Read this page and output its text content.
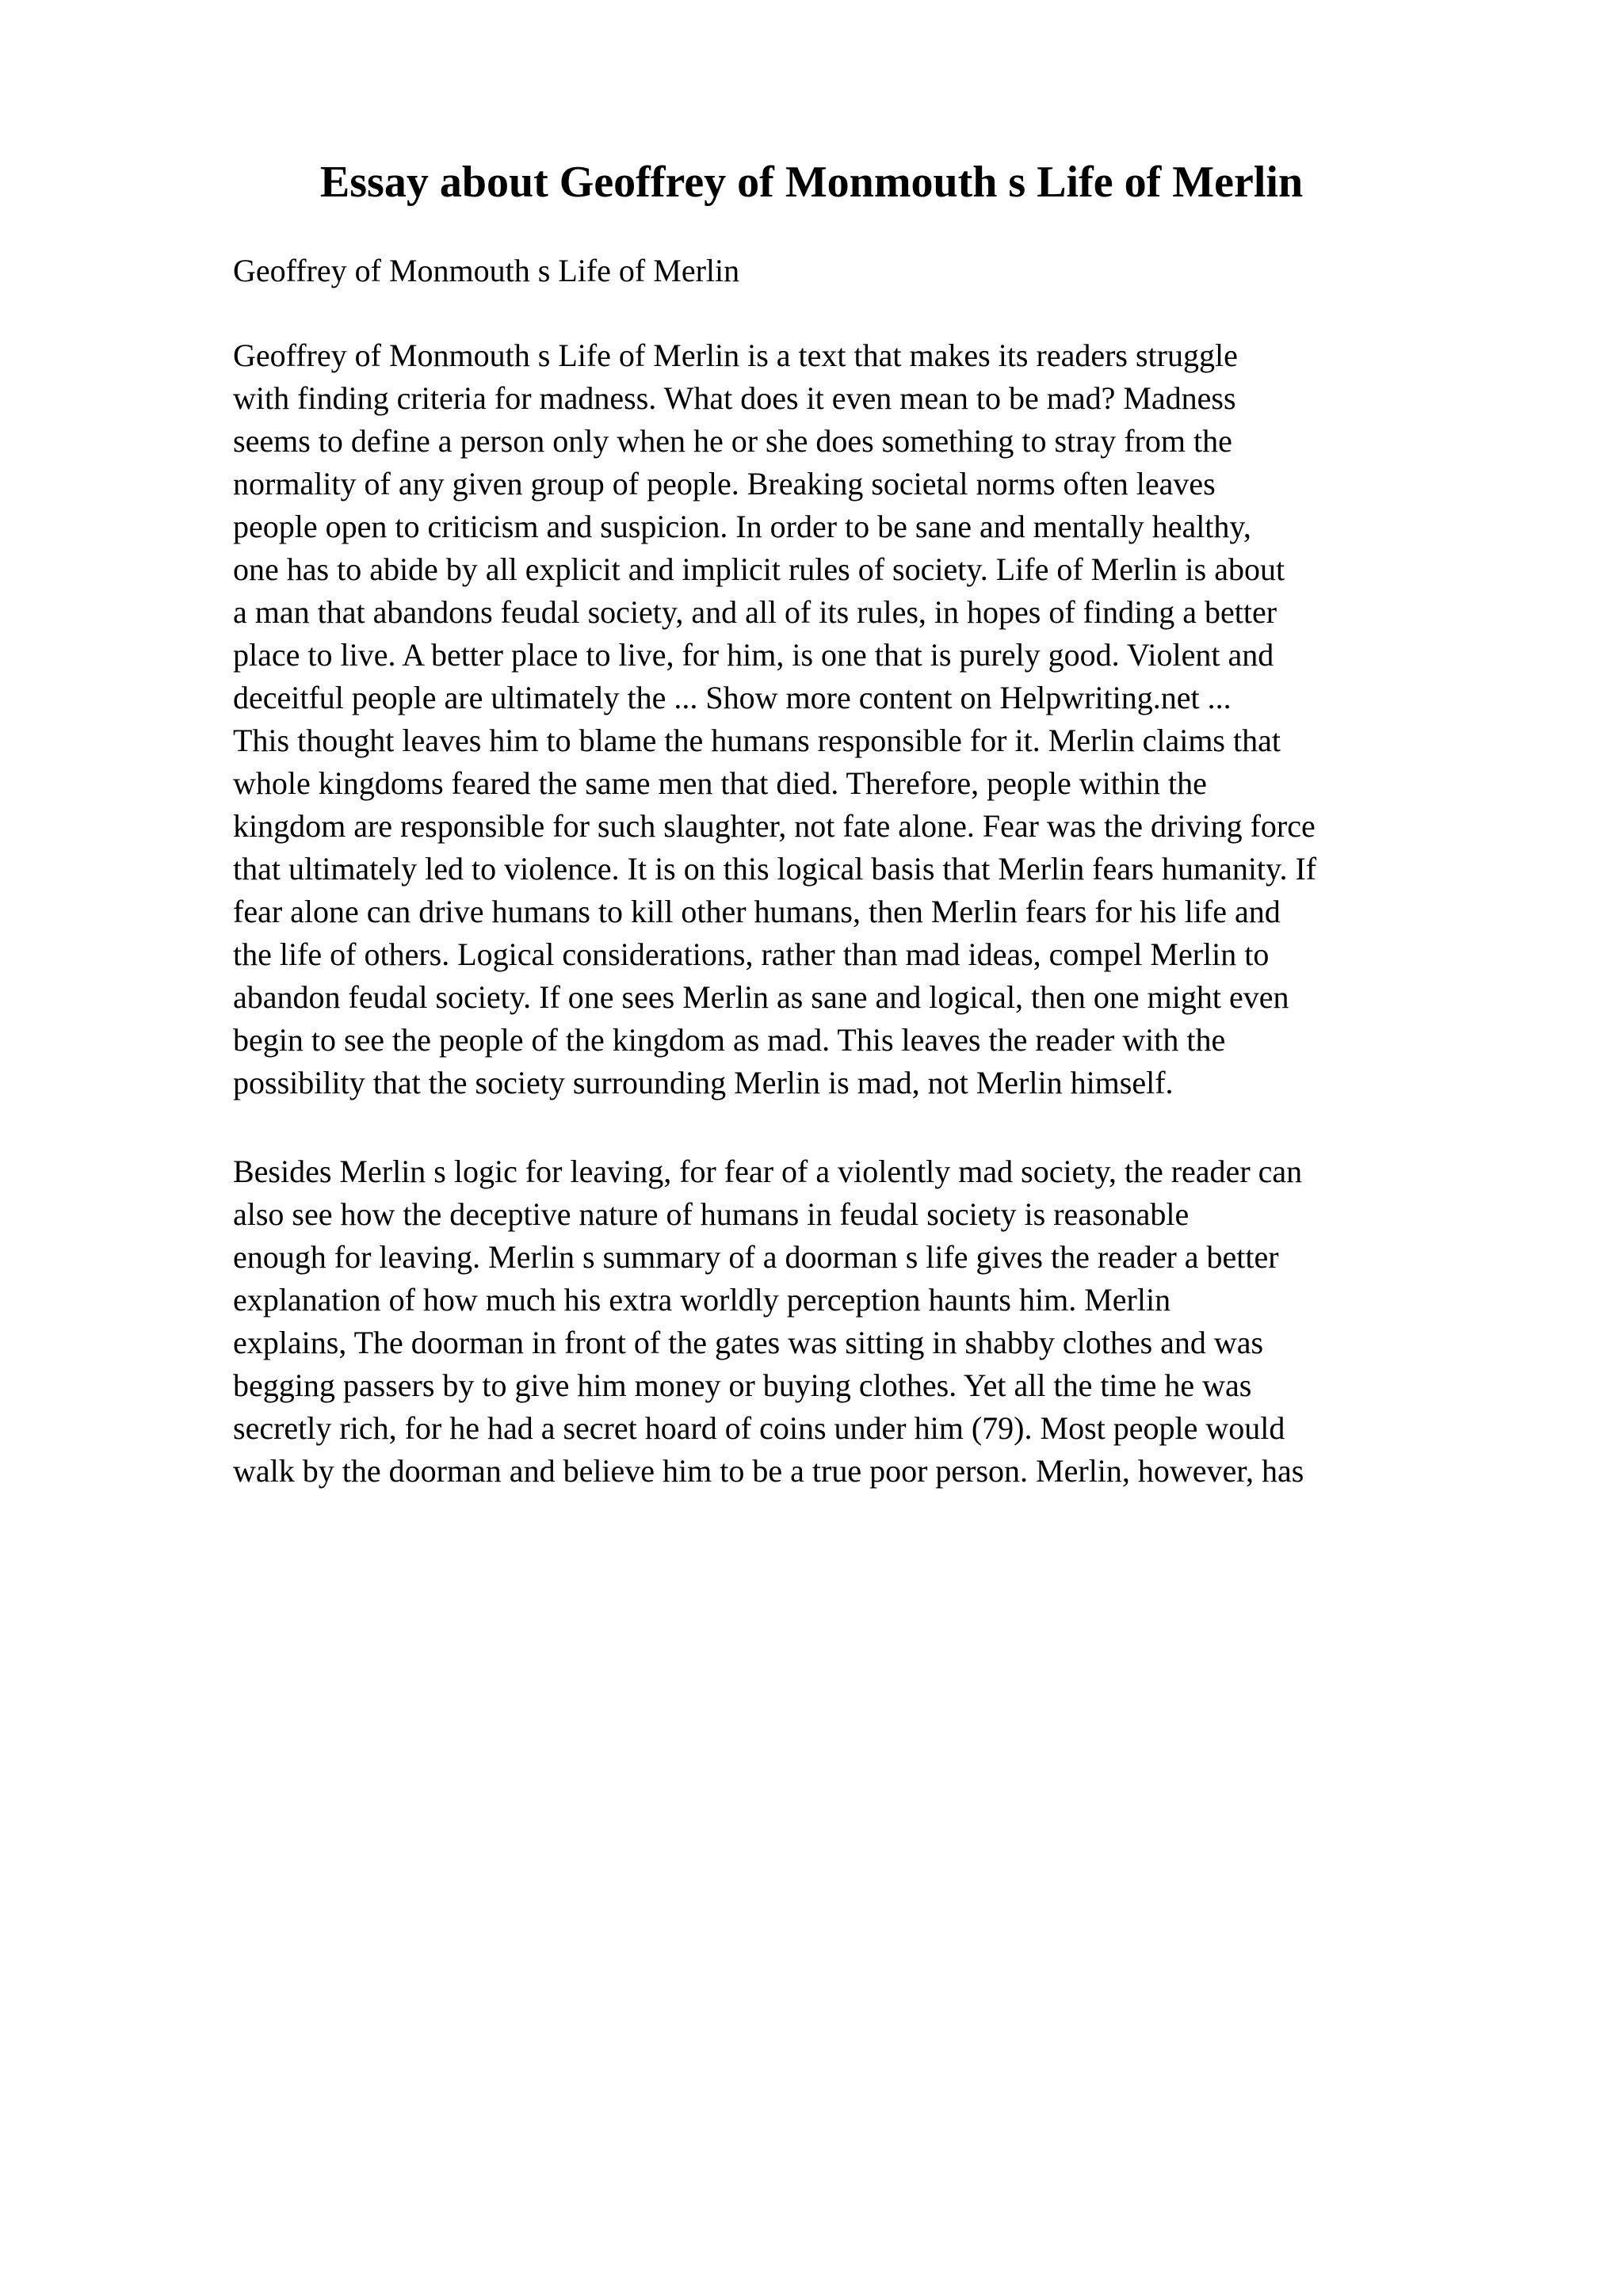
Essay about Geoffrey of Monmouth s Life of Merlin

Geoffrey of Monmouth s Life of Merlin

Geoffrey of Monmouth s Life of Merlin is a text that makes its readers struggle
with finding criteria for madness. What does it even mean to be mad? Madness
seems to define a person only when he or she does something to stray from the
normality of any given group of people. Breaking societal norms often leaves
people open to criticism and suspicion. In order to be sane and mentally healthy,
one has to abide by all explicit and implicit rules of society. Life of Merlin is about
a man that abandons feudal society, and all of its rules, in hopes of finding a better
place to live. A better place to live, for him, is one that is purely good. Violent and
deceitful people are ultimately the ... Show more content on Helpwriting.net ...
This thought leaves him to blame the humans responsible for it. Merlin claims that
whole kingdoms feared the same men that died. Therefore, people within the
kingdom are responsible for such slaughter, not fate alone. Fear was the driving force
that ultimately led to violence. It is on this logical basis that Merlin fears humanity. If
fear alone can drive humans to kill other humans, then Merlin fears for his life and
the life of others. Logical considerations, rather than mad ideas, compel Merlin to
abandon feudal society. If one sees Merlin as sane and logical, then one might even
begin to see the people of the kingdom as mad. This leaves the reader with the
possibility that the society surrounding Merlin is mad, not Merlin himself.
Besides Merlin s logic for leaving, for fear of a violently mad society, the reader can
also see how the deceptive nature of humans in feudal society is reasonable
enough for leaving. Merlin s summary of a doorman s life gives the reader a better
explanation of how much his extra worldly perception haunts him. Merlin
explains, The doorman in front of the gates was sitting in shabby clothes and was
begging passers by to give him money or buying clothes. Yet all the time he was
secretly rich, for he had a secret hoard of coins under him (79). Most people would
walk by the doorman and believe him to be a true poor person. Merlin, however, has
